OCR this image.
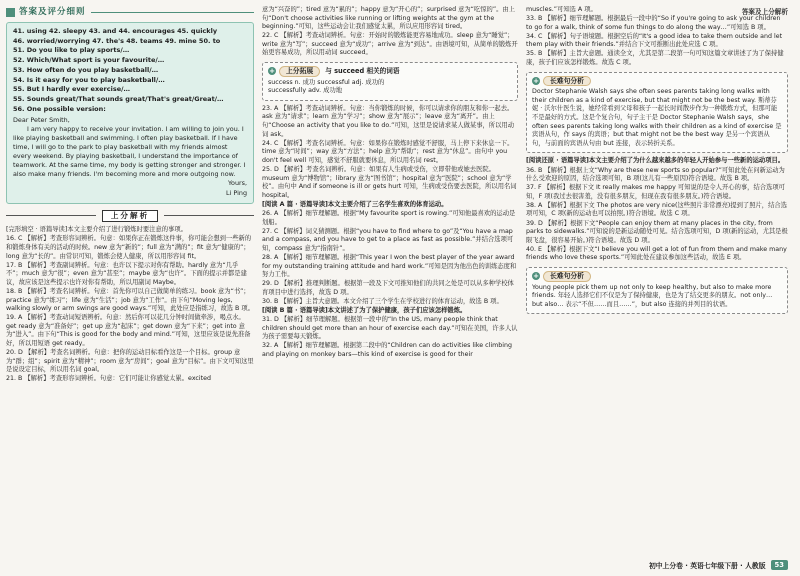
答案及上分解析
答案及评分细则

41. using 42. sleepy 43. and 44. encourages 45. quickly

46. worried/worrying 47. the's 48. teams 49. mine 50. to

51. Do you like to play sports/…

52. Which/What sport is your favourite/…

53. How often do you play basketball/…

54. Is it easy for you to play basketball/…

55. But I hardly ever exercise/…

55. Sounds great/That sounds great/That's great/Great/…

56. One possible version:

Dear Peter Smith,

I am very happy to receive your invitation. I am willing to join you. I like playing basketball and swimming. I often play basketball. If I have time, I will go to the park to play basketball with my friends almost every weekend. By playing basketball, I understand the importance of teamwork. At the same time, my body is getting stronger and stronger. I also make many friends. I'm becoming more and more outgoing now.

Yours,

Li Ping

上分解析

[完形填空 · 语篇导读]本文主要介绍了进行锻炼时要注意的事项。

16. C 【解析】考查形容词辨析。句意：如果你正在锻炼这件事，你可能会想到一些新的和锻炼身体有关的活动的时候。new 意为“新的”；full 意为“满的”；fit 意为“健康的”；long 意为“长的”。由常识可知，锻炼会使人健康，所以用形容词 fit。

17. B 【解析】考查副词辨析。句意：也许以下提示对你有帮助。hardly 意为“几乎不”；much 意为“很”；even 意为“甚至”；maybe 意为“也许”。下面的提示并都是建议，故应该是这些提示也许对你有帮助，所以用副词 Maybe。

18. B 【解析】考查名词辨析。句意：首先你可以自己做简单的练习。book 意为“书”；practice 意为“练习”；life 意为“生活”；job 意为“工作”。由下句“Moving legs, walking slowly or arm swings are good ways.”可知，此处应是指练习，故选 B 项。

19. A 【解析】考查动词短语辨析。句意：然后你可以花几分钟时间做牵涉，喝点水。get ready 意为“准备好”；get up 意为“起床”；get down 意为“下来”；get into 意为“进入”。由下句“This is good for the body and mind.”可知，这里应该是说先准备好，所以用短语 get ready。

20. D 【解析】考查名词辨析。句意：把你的运动目标看作这是一个目标。group 意为“群；组”；spirit 意为“精神”；room 意为“房间”；goal 意为“目标”。由下文可知这里是说设定目标，所以用名词 goal。

21. B 【解析】考查形容词辨析。句意：它们可能让你感觉太累。excited

意为“兴奋的”；tired 意为“累的”；happy 意为“开心的”；surprised 意为“吃惊的”。由上句“Don't choose activities like running or lifting weights at the gym at the beginning.”可知，这些运动会让我们感觉太累，所以应用形容词 tired。

22. C 【解析】考查动词辨析。句意：开始时的锻炼能更容易地成功。sleep 意为“睡觉”；write 意为“写”；succeed 意为“成功”；arrive 意为“到达”。由语境可知，从简单的锻炼开始更容易成功，所以用动词 succeed。

+	上分拓展	与 succeed 相关的词语

success n. 成功 successful adj. 成功的

successfully adv. 成功地

23. A 【解析】考查动词辨析。句意：当你锻炼的时候，你可以请求你的朋友和你一起去。ask 意为“请求”；learn 意为“学习”；show 意为“展示”；leave 意为“离开”。由上句“Choose an activity that you like to do.”可知，这里是说请求某人做某事，所以用动词 ask。

24. C 【解析】考查名词辨析。句意：如果你在锻炼时感觉不舒服，马上停下来休息一下。time 意为“时间”；way 意为“方法”；help 意为“帮助”；rest 意为“休息”。由句中 you don't feel well 可知，感觉不舒服就要休息，所以用名词 rest。

25. D 【解析】考查名词辨析。句意：如果有人生病或受伤，立即带他或她去医院。museum 意为“博物馆”；library 意为“图书馆”；hospital 意为“医院”；school 意为“学校”。由句中 And if someone is ill or gets hurt 可知，生病或受伤要去医院，所以用名词 hospital。

[阅读 A 篇 · 语篇导读]本文主要介绍了三名学生喜欢的体育运动。

26. A 【解析】细节理解题。根据“My favourite sport is rowing.”可知他最喜欢的运动是划船。

27. C 【解析】词义猜测题。根据“you have to find where to go”及“You have a map and a compass, and you have to get to a place as fast as possible.”并结合选项可知，compass 意为“指南针”。

28. A 【解析】细节理解题。根据“This year I won the best player of the year award for my outstanding training attitude and hard work.”可知是因为他出色的训练态度和努力工作。

29. D 【解析】推理判断题。根据第一段及下文可推知他们的共同之处是可以从多种学校体育项目中进行选择，故选 D 项。

30. B 【解析】主旨大意题。本文介绍了三个学生在学校进行的体育运动，故选 B 项。

[阅读 B 篇 · 语篇导读]本文讲述了为了保护健康，孩子们应该怎样锻炼。

31. D 【解析】细节理解题。根据第一段中的“In the US, many people think that children should get more than an hour of exercise each day.”可知在美国，许多人认为孩子需要每天锻炼。

32. A 【解析】细节理解题。根据第二段中的“Children can do activities like climbing and playing on monkey bars—this kind of exercise is good for their

muscles.”可知选 A 项。

33. B 【解析】细节理解题。根据最后一段中的“So if you're going to ask your children to go for a walk, think of some fun things to do along the way…”可知选 B 项。

34. C 【解析】句子语境题。根据空后的“It's a good idea to take them outside and let them play with their friends.”并结合下文可推断出此处应选 C 项。

35. B 【解析】主旨大意题。通读全文，尤其是第二段第一句可知这篇文章讲述了为了保持健康，孩子们应该怎样锻炼。故选 C 项。

+	长难句分析

Doctor Stephanie Walsh says she often sees parents taking long walks with their children as a kind of exercise, but that might not be the best way. 斯蒂芬妮 · 沃尔什医生说，她经常看到父母和孩子一起长时间散步作为一种锻炼方式，但那可能不是最好的方式。这是个复合句，句子主干是 Doctor Stephanie Walsh says，she often sees parents taking long walks with their children as a kind of exercise 是宾语从句，作 says 的宾语；but that might not be the best way 是另一个宾语从句，与前面的宾语从句由 but 连接，表示转折关系。

[阅读还原 · 语篇导读]本文主要介绍了为什么越来越多的年轻人开始参与一些新的运动项目。

36. B 【解析】根据上文“Why are these new sports so popular?”可知此处在问新运动为什么受欢迎的原因，结合选项可知，B 项(这儿有一些原因)符合语境。故选 B 项。

37. F 【解析】根据下文 It really makes me happy 可知说的是令人开心的事，结合选项可知，F 项(我过去很害羞，没有很多朋友，但现在我有很多朋友。)符合语境。

38. A 【解析】根据下文 The photos are very nice(这些照片非常漂亮)提到了照片，结合选项可知，C 项(新的运动也可以拍照。)符合语境。故选 C 项。

39. D 【解析】根据下文“People can enjoy them at many places in the city, from parks to sidewalks.”可知说的是新运动随处可见。结合选项可知，D 项(新的运动，尤其是极限飞盘，很容易开始。)符合语境。故选 D 项。

40. E 【解析】根据下文“I believe you will get a lot of fun from them and make many friends who love these sports.”可知此处在建议参加这些活动，故选 E 项。

+	长难句分析

Young people pick them up not only to keep healthy, but also to make more friends. 年轻人选择它们不仅是为了保持健康，也是为了结交更多的朋友。not only… but also… 表示“不但……而且……”，but also 连接的并列目的状语。

初中上分卷 · 英语七年级下册 · 人教版	53
